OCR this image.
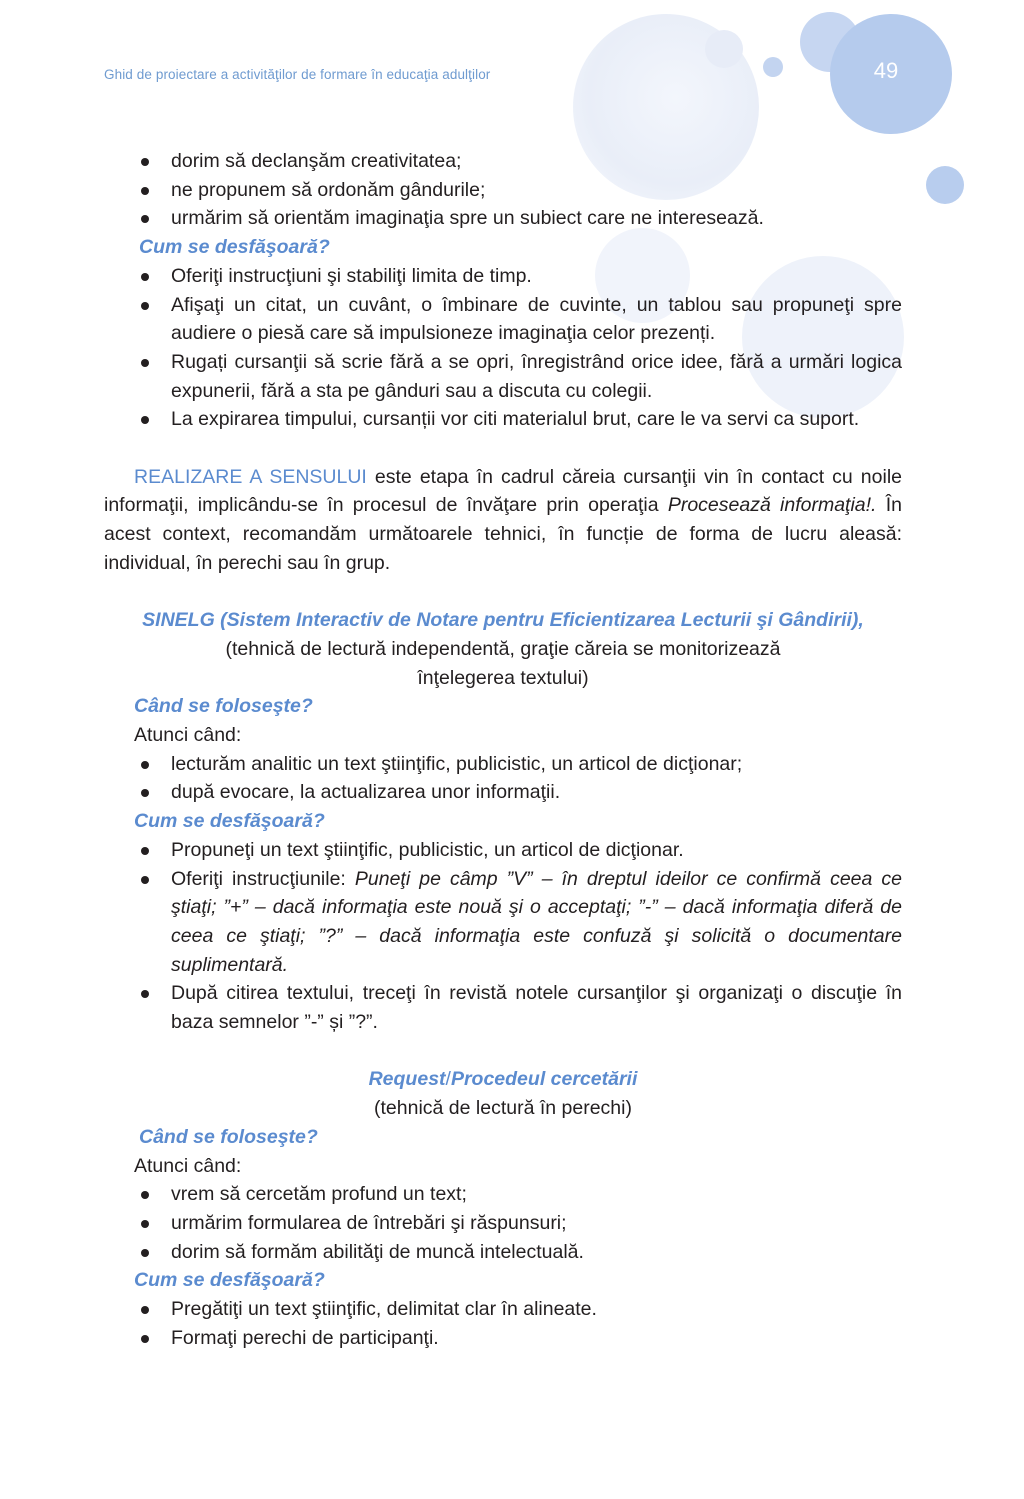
Ghid de proiectare a activităţilor de formare în educaţia adulţilor	49
dorim să declanşăm creativitatea;
ne propunem să ordonăm gândurile;
urmărim să orientăm imaginaţia spre un subiect care ne interesează.
Cum se desfăşoară?
Oferiţi instrucţiuni şi stabiliţi limita de timp.
Afişaţi un citat, un cuvânt, o îmbinare de cuvinte, un tablou sau propuneţi spre audiere o piesă care să impulsioneze imaginaţia celor prezenți.
Rugați cursanţii să scrie fără a se opri, înregistrând orice idee, fără a urmări logica expunerii, fără a sta pe gânduri sau a discuta cu colegii.
La expirarea timpului, cursanții vor citi materialul brut, care le va servi ca suport.
REALIZARE A SENSULUI este etapa în cadrul căreia cursanţii vin în contact cu noile informaţii, implicându-se în procesul de învăţare prin operaţia Procesează informaţia!. În acest context, recomandăm următoarele tehnici, în funcție de forma de lucru aleasă: individual, în perechi sau în grup.
SINELG (Sistem Interactiv de Notare pentru Eficientizarea Lecturii şi Gândirii),
(tehnică de lectură independentă, graţie căreia se monitorizează
înţelegerea textului)
Când se foloseşte?
Atunci când:
lecturăm analitic un text ştiinţific, publicistic, un articol de dicţionar;
după evocare, la actualizarea unor informaţii.
Cum se desfăşoară?
Propuneţi un text ştiinţific, publicistic, un articol de dicţionar.
Oferiţi instrucţiunile: Puneţi pe câmp ”V” – în dreptul ideilor ce confirmă ceea ce ştiaţi; ”+” – dacă informaţia este nouă şi o acceptaţi; ”-” – dacă informaţia diferă de ceea ce ştiaţi; ”?” – dacă informaţia este confuză şi solicită o documentare suplimentară.
După citirea textului, treceţi în revistă notele cursanţilor şi organizaţi o discuţie în baza semnelor ”-” și ”?”.
Request/Procedeul cercetării
(tehnică de lectură în perechi)
Când se foloseşte?
Atunci când:
vrem să cercetăm profund un text;
urmărim formularea de întrebări şi răspunsuri;
dorim să formăm abilităţi de muncă intelectuală.
Cum se desfăşoară?
Pregătiţi un text ştiinţific, delimitat clar în alineate.
Formaţi perechi de participanţi.
